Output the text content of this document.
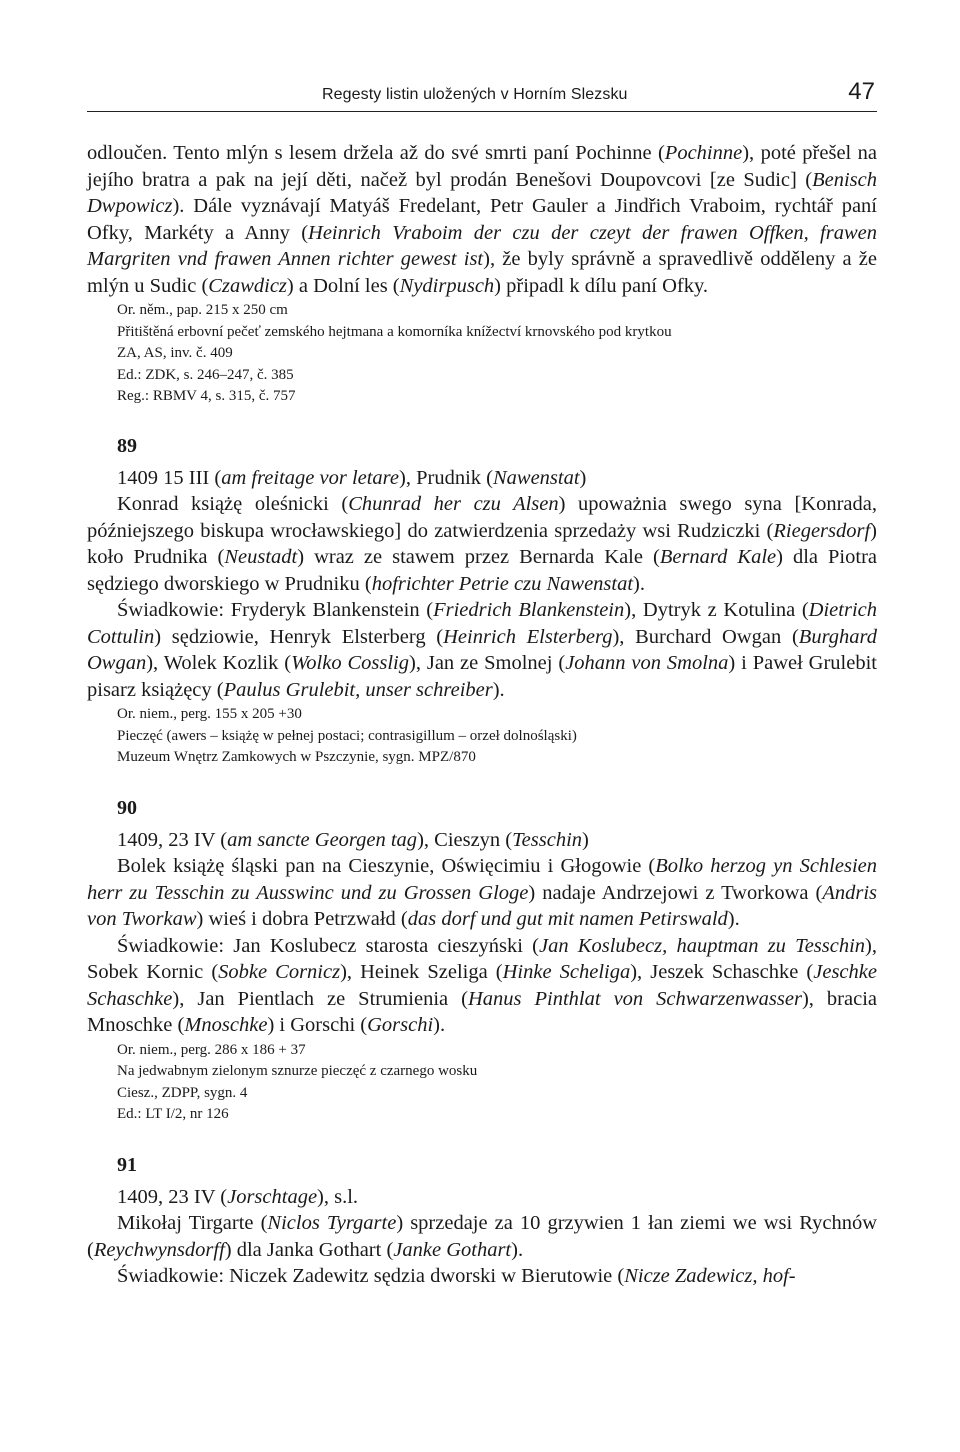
Regesty listin uložených v Horním Slezsku	47

odloučen. Tento mlýn s lesem držela až do své smrti paní Pochinne (Pochinne), poté přešel na jejího bratra a pak na její děti, načež byl prodán Benešovi Doupovcovi [ze Sudic] (Benisch Dwpowicz). Dále vyznávají Matyáš Fredelant, Petr Gauler a Jindřich Vraboim, rychtář paní Ofky, Markéty a Anny (Heinrich Vraboim der czu der czeyt der frawen Offken, frawen Margriten vnd frawen Annen richter gewest ist), že byly správně a spravedlivě odděleny a že mlýn u Sudic (Czawdicz) a Dolní les (Nydirpusch) připadl k dílu paní Ofky.

Or. něm., pap. 215 x 250 cm

Přitištěná erbovní pečeť zemského hejtmana a komorníka knížectví krnovského pod krytkou

ZA, AS, inv. č. 409

Ed.: ZDK, s. 246–247, č. 385

Reg.: RBMV 4, s. 315, č. 757

89

1409 15 III (am freitage vor letare), Prudnik (Nawenstat)

Konrad książę oleśnicki (Chunrad her czu Alsen) upoważnia swego syna [Konrada, późniejszego biskupa wrocławskiego] do zatwierdzenia sprzedaży wsi Rudziczki (Riegersdorf) koło Prudnika (Neustadt) wraz ze stawem przez Bernarda Kale (Bernard Kale) dla Piotra sędziego dworskiego w Prudniku (hofrichter Petrie czu Nawenstat).

Świadkowie: Fryderyk Blankenstein (Friedrich Blankenstein), Dytryk z Kotulina (Dietrich Cottulin) sędziowie, Henryk Elsterberg (Heinrich Elsterberg), Burchard Owgan (Burghard Owgan), Wolek Kozlik (Wolko Cosslig), Jan ze Smolnej (Johann von Smolna) i Paweł Grulebit pisarz książęcy (Paulus Grulebit, unser schreiber).

Or. niem., perg. 155 x 205 +30

Pieczęć (awers – książę w pełnej postaci; contrasigillum – orzeł dolnośląski)

Muzeum Wnętrz Zamkowych w Pszczynie, sygn. MPZ/870

90

1409, 23 IV (am sancte Georgen tag), Cieszyn (Tesschin)

Bolek książę śląski pan na Cieszynie, Oświęcimiu i Głogowie (Bolko herzog yn Schlesien herr zu Tesschin zu Ausswinc und zu Grossen Gloge) nadaje Andrzejowi z Tworkowa (Andris von Tworkaw) wieś i dobra Petrzwałd (das dorf und gut mit namen Petirswald).

Świadkowie: Jan Koslubecz starosta cieszyński (Jan Koslubecz, hauptman zu Tesschin), Sobek Kornic (Sobke Cornicz), Heinek Szeliga (Hinke Scheliga), Jeszek Schaschke (Jeschke Schaschke), Jan Pientlach ze Strumienia (Hanus Pinthlat von Schwarzenwasser), bracia Mnoschke (Mnoschke) i Gorschi (Gorschi).

Or. niem., perg. 286 x 186 + 37

Na jedwabnym zielonym sznurze pieczęć z czarnego wosku

Ciesz., ZDPP, sygn. 4

Ed.: LT I/2, nr 126

91

1409, 23 IV (Jorschtage), s.l.

Mikołaj Tirgarte (Niclos Tyrgarte) sprzedaje za 10 grzywien 1 łan ziemi we wsi Rychnów (Reychwynsdorff) dla Janka Gothart (Janke Gothart).

Świadkowie: Niczek Zadewitz sędzia dworski w Bierutowie (Nicze Zadewicz, hof-
